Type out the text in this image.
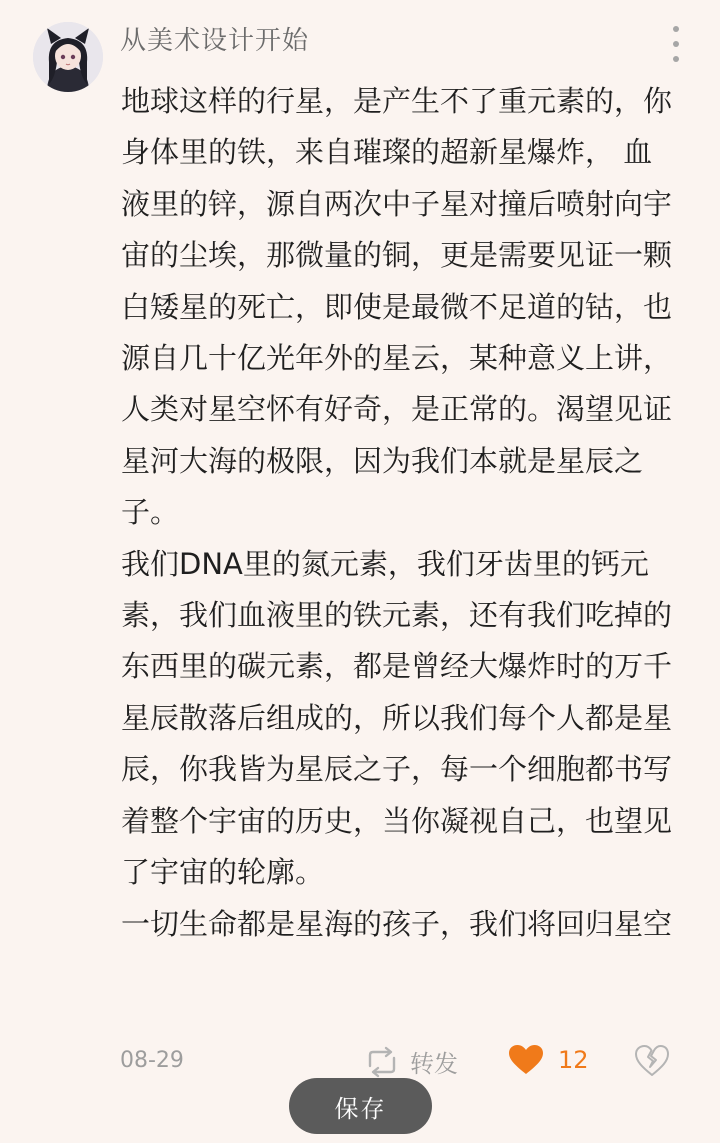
从美术设计开始

地球这样的行星，是产生不了重元素的，你身体里的铁，来自璀璨的超新星爆炸， 血液里的锌，源自两次中子星对撞后喷射向宇宙的尘埃，那微量的铜，更是需要见证一颗白矮星的死亡，即使是最微不足道的钴，也源自几十亿光年外的星云，某种意义上讲，人类对星空怀有好奇，是正常的。渴望见证星河大海的极限，因为我们本就是星辰之子。

我们DNA里的氮元素，我们牙齿里的钙元素，我们血液里的铁元素，还有我们吃掉的东西里的碳元素，都是曾经大爆炸时的万千星辰散落后组成的，所以我们每个人都是星辰，你我皆为星辰之子，每一个细胞都书写着整个宇宙的历史，当你凝视自己，也望见了宇宙的轮廓。

一切生命都是星海的孩子，我们将回归星空

08-29	转发	12
保存
